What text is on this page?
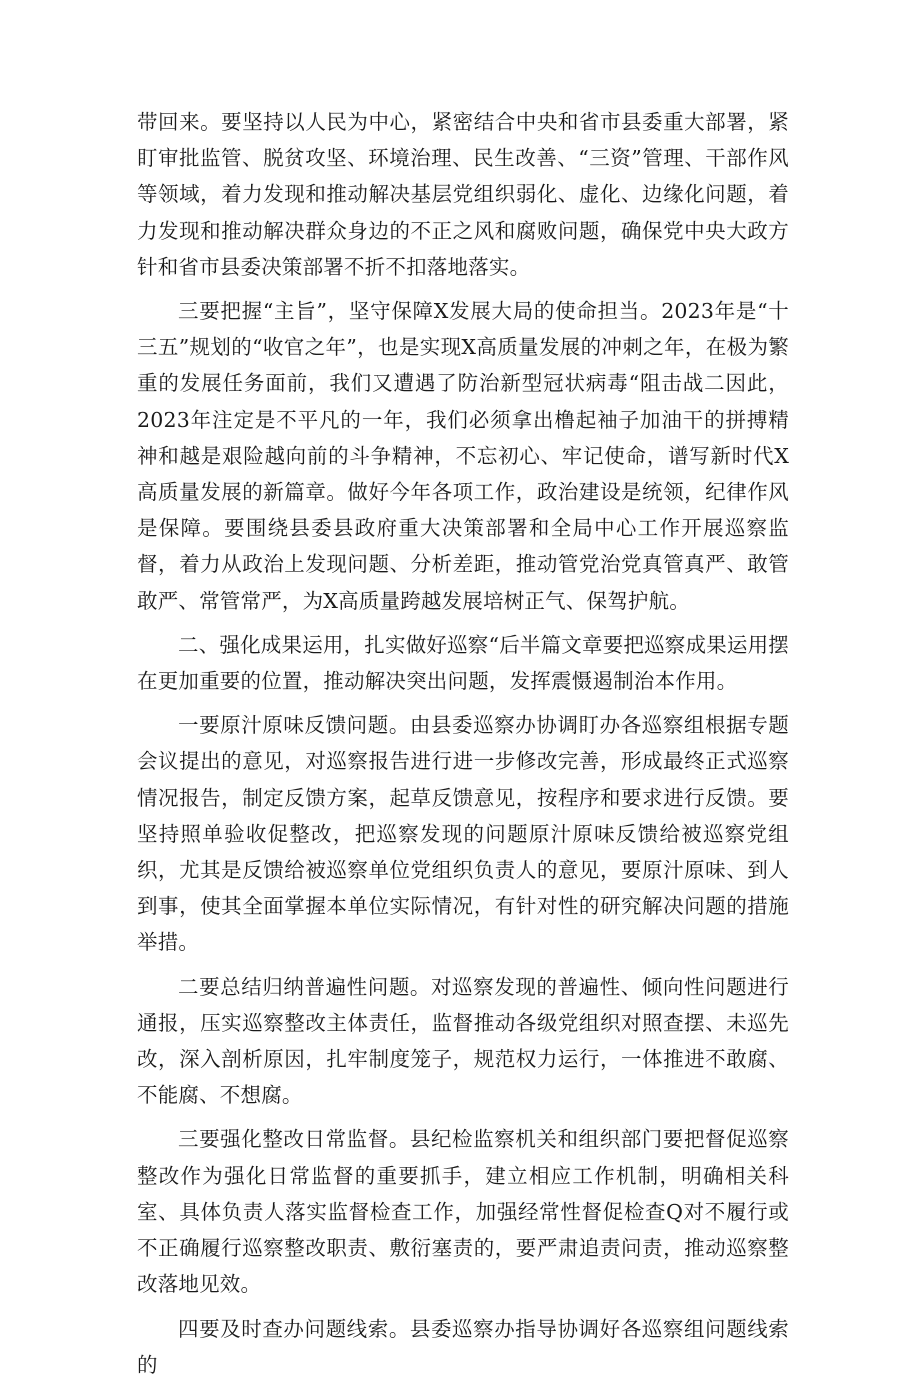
带回来。要坚持以人民为中心，紧密结合中央和省市县委重大部署，紧盯审批监管、脱贫攻坚、环境治理、民生改善、“三资”管理、干部作风等领域，着力发现和推动解决基层党组织弱化、虚化、边缘化问题，着力发现和推动解决群众身边的不正之风和腐败问题，确保党中央大政方针和省市县委决策部署不折不扣落地落实。

三要把握“主旨”，坚守保障X发展大局的使命担当。2023年是“十三五”规划的“收官之年”，也是实现X高质量发展的冲刺之年，在极为繁重的发展任务面前，我们又遭遇了防治新型冠状病毒“阻击战二因此，2023年注定是不平凡的一年，我们必须拿出橹起袖子加油干的拼搏精神和越是艰险越向前的斗争精神，不忘初心、牢记使命，谱写新时代X高质量发展的新篇章。做好今年各项工作，政治建设是统领，纪律作风是保障。要围绕县委县政府重大决策部署和全局中心工作开展巡察监督，着力从政治上发现问题、分析差距，推动管党治党真管真严、敢管敢严、常管常严，为X高质量跨越发展培树正气、保驾护航。

二、强化成果运用，扎实做好巡察“后半篇文章要把巡察成果运用摆在更加重要的位置，推动解决突出问题，发挥震慑遏制治本作用。

一要原汁原味反馈问题。由县委巡察办协调盯办各巡察组根据专题会议提出的意见，对巡察报告进行进一步修改完善，形成最终正式巡察情况报告，制定反馈方案，起草反馈意见，按程序和要求进行反馈。要坚持照单验收促整改，把巡察发现的问题原汁原味反馈给被巡察党组织，尤其是反馈给被巡察单位党组织负责人的意见，要原汁原味、到人到事，使其全面掌握本单位实际情况，有针对性的研究解决问题的措施举措。

二要总结归纳普遍性问题。对巡察发现的普遍性、倾向性问题进行通报，压实巡察整改主体责任，监督推动各级党组织对照查摆、未巡先改，深入剖析原因，扎牢制度笼子，规范权力运行，一体推进不敢腐、不能腐、不想腐。

三要强化整改日常监督。县纪检监察机关和组织部门要把督促巡察整改作为强化日常监督的重要抓手，建立相应工作机制，明确相关科室、具体负责人落实监督检查工作，加强经常性督促检查Q对不履行或不正确履行巡察整改职责、敷衍塞责的，要严肃追责问责，推动巡察整改落地见效。

四要及时查办问题线索。县委巡察办指导协调好各巡察组问题线索的
